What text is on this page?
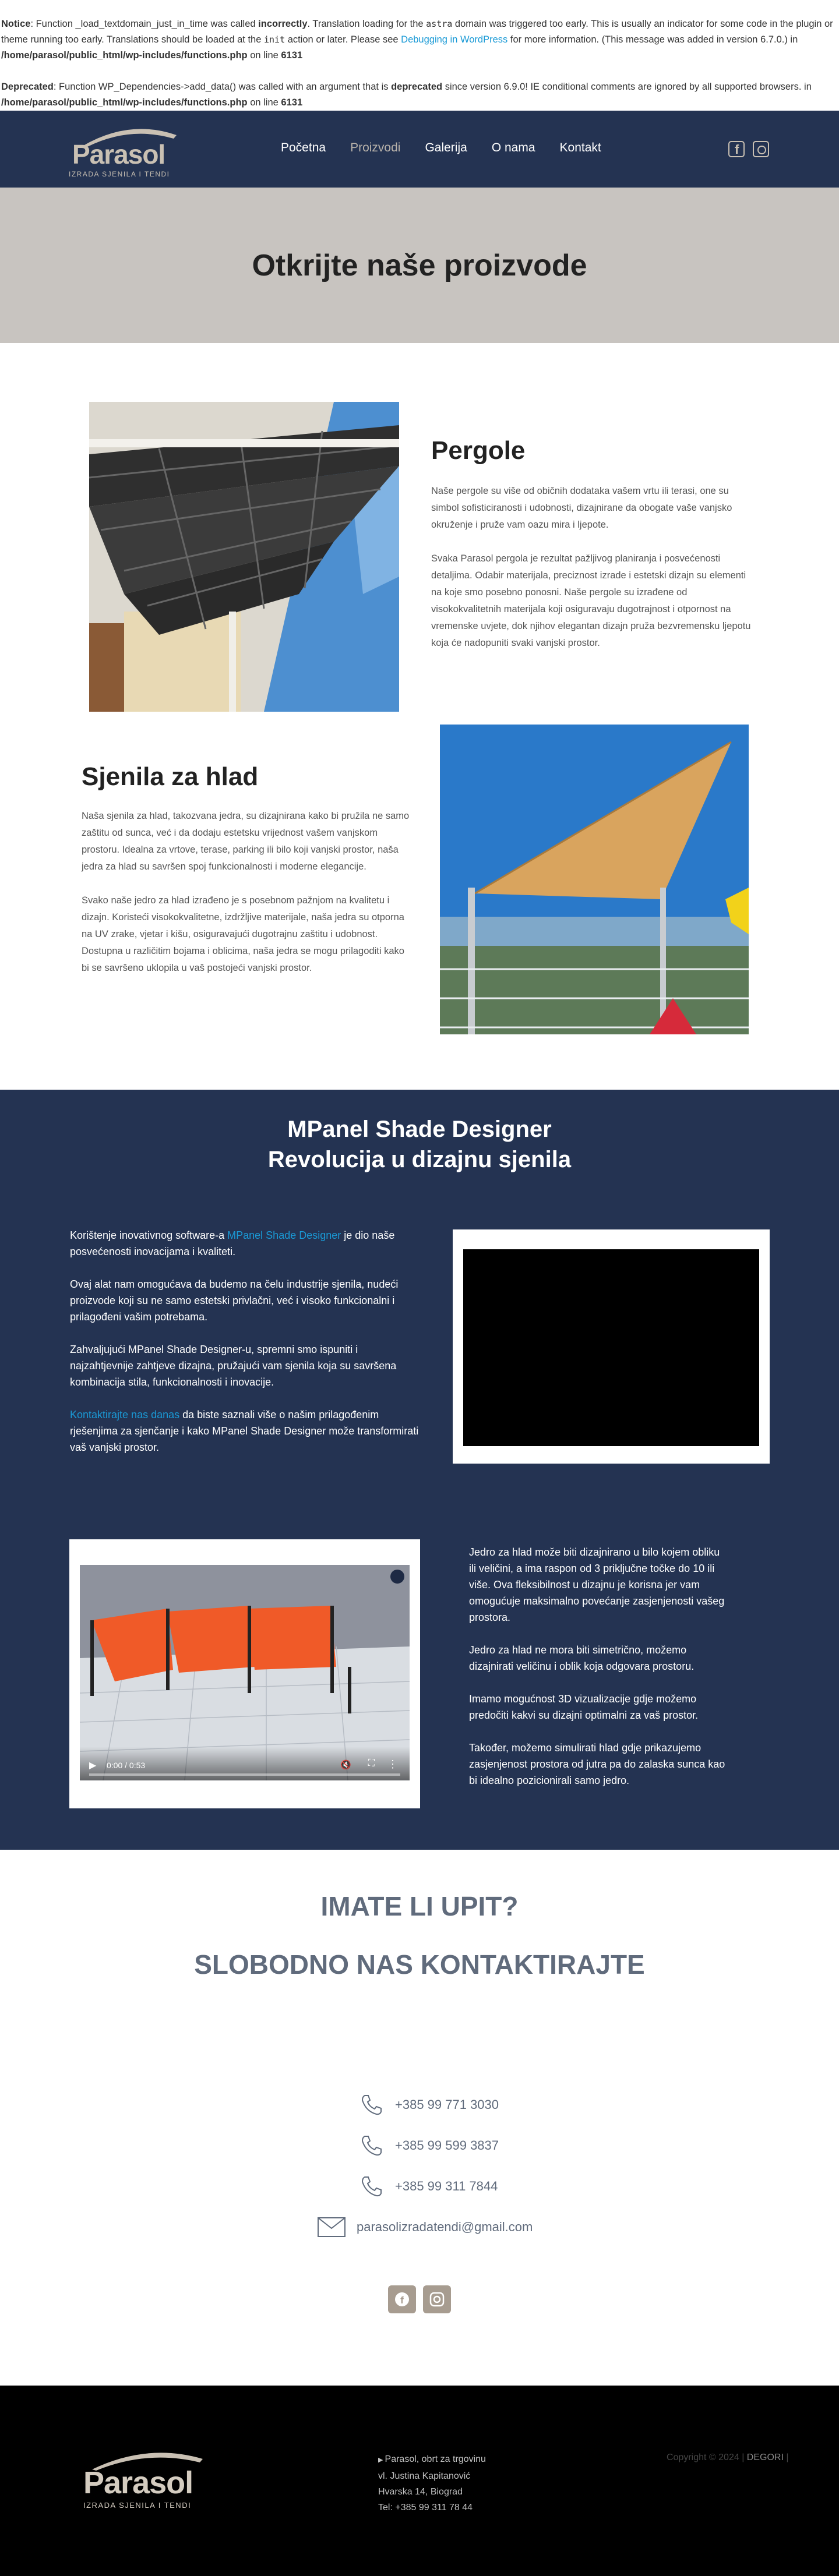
Notice: Function _load_textdomain_just_in_time was called incorrectly. Translation loading for the astra domain was triggered too early. This is usually an indicator for some code in the plugin or theme running too early. Translations should be loaded at the init action or later. Please see Debugging in WordPress for more information. (This message was added in version 6.7.0.) in /home/parasol/public_html/wp-includes/functions.php on line 6131

Deprecated: Function WP_Dependencies->add_data() was called with an argument that is deprecated since version 6.9.0! IE conditional comments are ignored by all supported browsers. in /home/parasol/public_html/wp-includes/functions.php on line 6131

Parasol
IZRADA SJENILA I TENDI
Početna Proizvodi Galerija O nama Kontakt
f
Otkrijte naše proizvode
Pergole

Naše pergole su više od običnih dodataka vašem vrtu ili terasi, one su simbol sofisticiranosti i udobnosti, dizajnirane da obogate vaše vanjsko okruženje i pruže vam oazu mira i ljepote.

Svaka Parasol pergola je rezultat pažljivog planiranja i posvećenosti detaljima. Odabir materijala, preciznost izrade i estetski dizajn su elementi na koje smo posebno ponosni. Naše pergole su izrađene od visokokvalitetnih materijala koji osiguravaju dugotrajnost i otpornost na vremenske uvjete, dok njihov elegantan dizajn pruža bezvremensku ljepotu koja će nadopuniti svaki vanjski prostor.

Sjenila za hlad

Naša sjenila za hlad, takozvana jedra, su dizajnirana kako bi pružila ne samo zaštitu od sunca, već i da dodaju estetsku vrijednost vašem vanjskom prostoru. Idealna za vrtove, terase, parking ili bilo koji vanjski prostor, naša jedra za hlad su savršen spoj funkcionalnosti i moderne elegancije.

Svako naše jedro za hlad izrađeno je s posebnom pažnjom na kvalitetu i dizajn. Koristeći visokokvalitetne, izdržljive materijale, naša jedra su otporna na UV zrake, vjetar i kišu, osiguravajući dugotrajnu zaštitu i udobnost. Dostupna u različitim bojama i oblicima, naša jedra se mogu prilagoditi kako bi se savršeno uklopila u vaš postojeći vanjski prostor.

MPanel Shade Designer
Revolucija u dizajnu sjenila

Korištenje inovativnog software-a MPanel Shade Designer je dio naše posvećenosti inovacijama i kvaliteti.

Ovaj alat nam omogućava da budemo na čelu industrije sjenila, nudeći proizvode koji su ne samo estetski privlačni, već i visoko funkcionalni i prilagođeni vašim potrebama.

Zahvaljujući MPanel Shade Designer-u, spremni smo ispuniti i najzahtjevnije zahtjeve dizajna, pružajući vam sjenila koja su savršena kombinacija stila, funkcionalnosti i inovacije.

Kontaktirajte nas danas da biste saznali više o našim prilagođenim rješenjima za sjenčanje i kako MPanel Shade Designer može transformirati vaš vanjski prostor.

▶ 0:00 / 0:53	🔇 ⛶ ⋮

Jedro za hlad može biti dizajnirano u bilo kojem obliku ili veličini, a ima raspon od 3 priključne točke do 10 ili više. Ova fleksibilnost u dizajnu je korisna jer vam omogućuje maksimalno povećanje zasjenjenosti vašeg prostora.

Jedro za hlad ne mora biti simetrično, možemo dizajnirati veličinu i oblik koja odgovara prostoru.

Imamo mogućnost 3D vizualizacije gdje možemo predočiti kakvi su dizajni optimalni za vaš prostor.

Također, možemo simulirati hlad gdje prikazujemo zasjenjenost prostora od jutra pa do zalaska sunca kao bi idealno pozicionirali samo jedro.

IMATE LI UPIT?
SLOBODNO NAS KONTAKTIRAJTE
+385 99 771 3030
+385 99 599 3837
+385 99 311 7844
parasolizradatendi@gmail.com
f
Parasol
IZRADA SJENILA I TENDI
▶ Parasol, obrt za trgovinu
vl. Justina Kapitanović
Hvarska 14, Biograd
Tel: +385 99 311 78 44
Copyright © 2024 | DEGORI |
